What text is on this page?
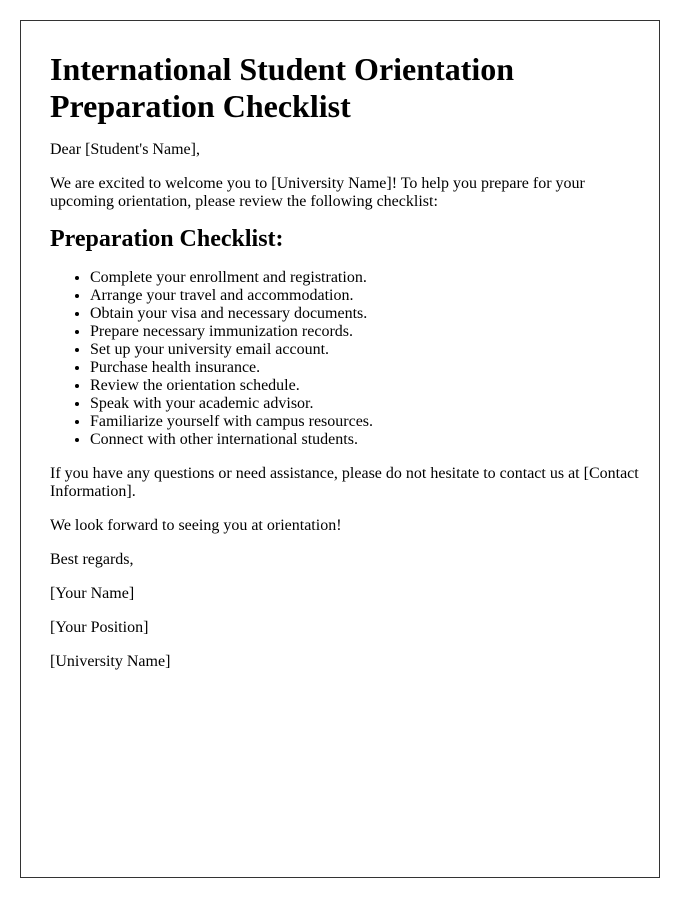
International Student Orientation Preparation Checklist

Dear [Student's Name],

We are excited to welcome you to [University Name]! To help you prepare for your upcoming orientation, please review the following checklist:

Preparation Checklist:
• Complete your enrollment and registration.
• Arrange your travel and accommodation.
• Obtain your visa and necessary documents.
• Prepare necessary immunization records.
• Set up your university email account.
• Purchase health insurance.
• Review the orientation schedule.
• Speak with your academic advisor.
• Familiarize yourself with campus resources.
• Connect with other international students.

If you have any questions or need assistance, please do not hesitate to contact us at [Contact Information].

We look forward to seeing you at orientation!

Best regards,

[Your Name]

[Your Position]

[University Name]
